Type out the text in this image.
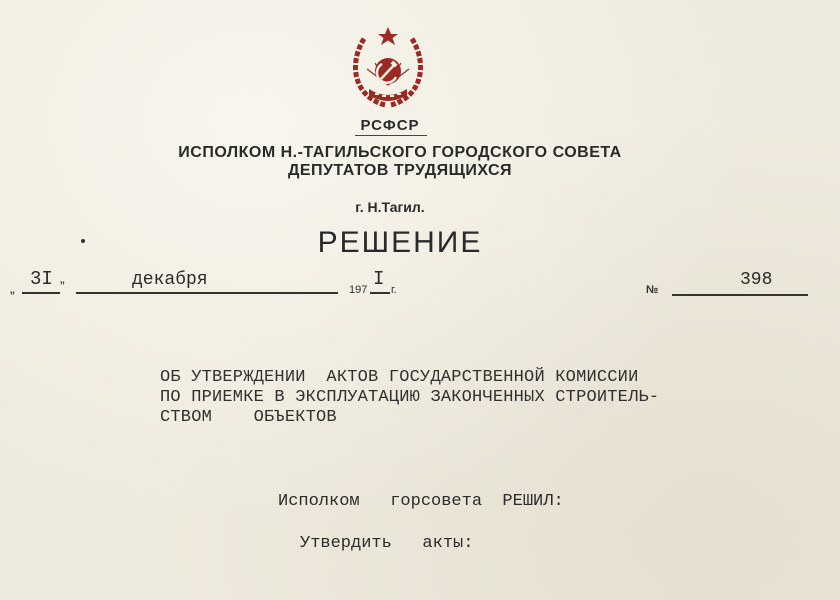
РСФСР
ИСПОЛКОМ Н.-ТАГИЛЬСКОГО ГОРОДСКОГО СОВЕТА
ДЕПУТАТОВ ТРУДЯЩИХСЯ
г. Н.Тагил.
РЕШЕНИЕ
„ 3I ”	декабря	197 I г.	№	398
ОБ УТВЕРЖДЕНИИ  АКТОВ ГОСУДАРСТВЕННОЙ КОМИССИИ
ПО ПРИЕМКЕ В ЭКСПЛУАТАЦИЮ ЗАКОНЧЕННЫХ СТРОИТЕЛЬ-
СТВОМ    ОБЪЕКТОВ
Исполком   горсовета  РЕШИЛ:
Утвердить   акты:
